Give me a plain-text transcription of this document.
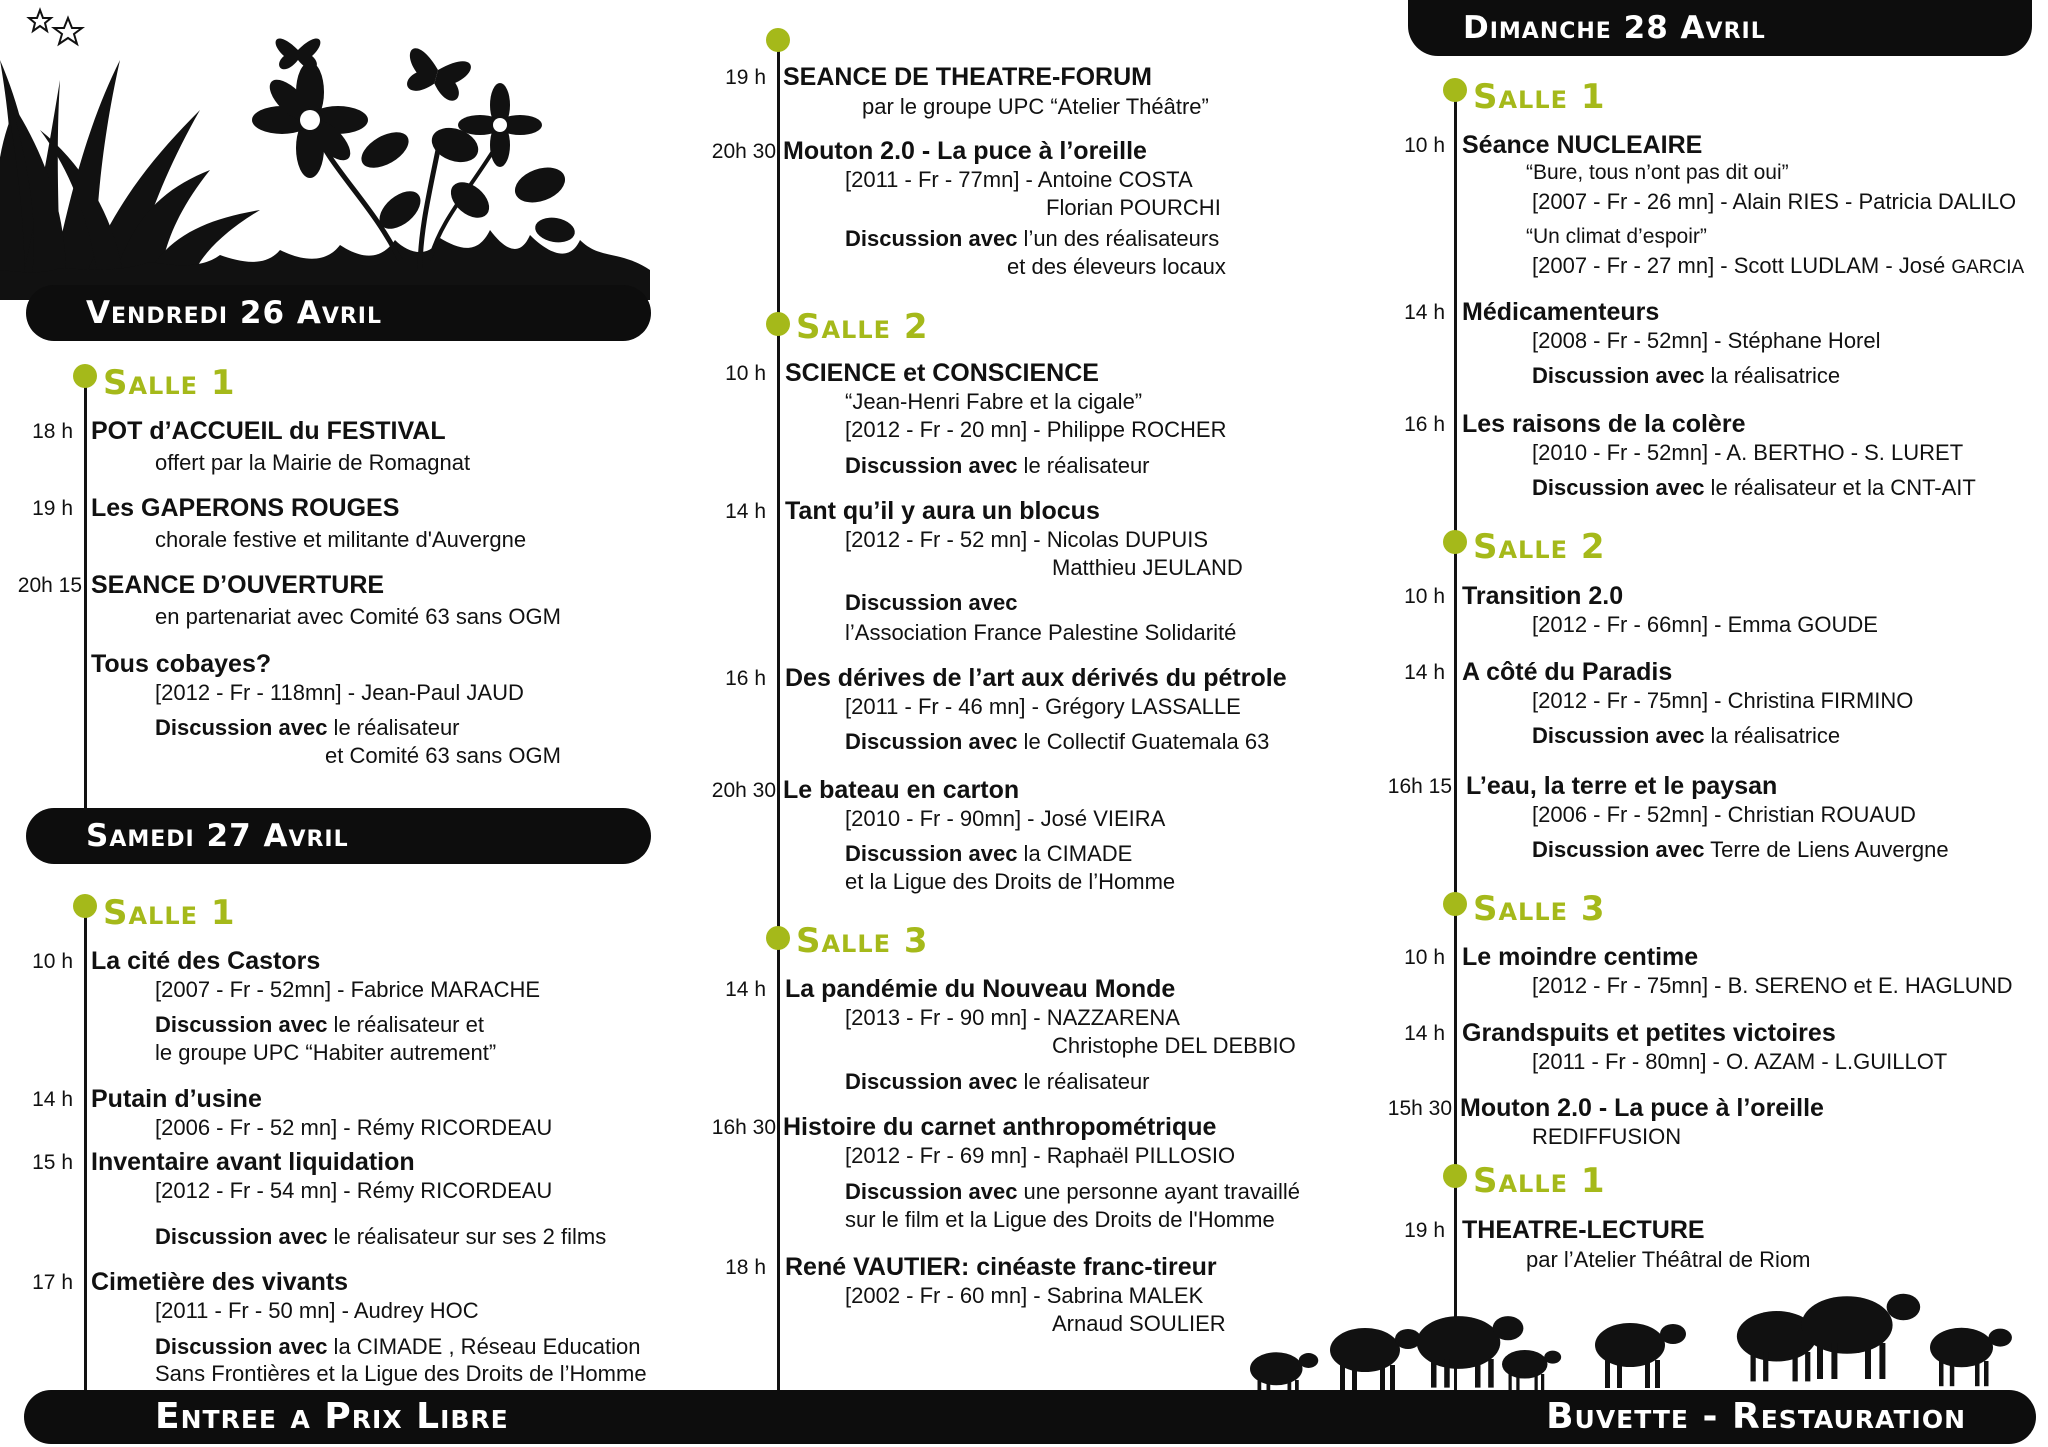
Vendredi 26 Avril
Samedi 27 Avril
Dimanche 28 Avril
Salle 1
18 h POT d’ACCUEIL du FESTIVAL
offert par la Mairie de Romagnat
19 h Les GAPERONS ROUGES
chorale festive et militante d'Auvergne
20h 15 SEANCE D’OUVERTURE
en partenariat avec Comité 63 sans OGM
Tous cobayes?
[2012 - Fr - 118mn] - Jean-Paul JAUD
Discussion avec le réalisateur
et Comité 63 sans OGM
Salle 1
10 h La cité des Castors
[2007 - Fr - 52mn] - Fabrice MARACHE
Discussion avec le réalisateur et
le groupe UPC “Habiter autrement”
14 h Putain d’usine
[2006 - Fr - 52 mn] - Rémy RICORDEAU
15 h Inventaire avant liquidation
[2012 - Fr - 54 mn] - Rémy RICORDEAU
Discussion avec le réalisateur sur ses 2 films
17 h Cimetière des vivants
[2011 - Fr - 50 mn] - Audrey HOC
Discussion avec la CIMADE , Réseau Education
Sans Frontières et la Ligue des Droits de l’Homme
19 h SEANCE DE THEATRE-FORUM
par le groupe UPC “Atelier Théâtre”
20h 30 Mouton 2.0 - La puce à l’oreille
[2011 - Fr - 77mn] - Antoine COSTA
Florian POURCHI
Discussion avec l’un des réalisateurs
et des éleveurs locaux
Salle 2
10 h SCIENCE et CONSCIENCE
“Jean-Henri Fabre et la cigale”
[2012 - Fr - 20 mn] - Philippe ROCHER
Discussion avec le réalisateur
14 h Tant qu’il y aura un blocus
[2012 - Fr - 52 mn] - Nicolas DUPUIS
Matthieu JEULAND
Discussion avec
l’Association France Palestine Solidarité
16 h Des dérives de l’art aux dérivés du pétrole
[2011 - Fr - 46 mn] - Grégory LASSALLE
Discussion avec le Collectif Guatemala 63
20h 30 Le bateau en carton
[2010 - Fr - 90mn] - José VIEIRA
Discussion avec la CIMADE
et la Ligue des Droits de l’Homme
Salle 3
14 h La pandémie du Nouveau Monde
[2013 - Fr - 90 mn] - NAZZARENA
Christophe DEL DEBBIO
Discussion avec le réalisateur
16h 30 Histoire du carnet anthropométrique
[2012 - Fr - 69 mn] - Raphaël PILLOSIO
Discussion avec une personne ayant travaillé
sur le film et la Ligue des Droits de l'Homme
18 h René VAUTIER: cinéaste franc-tireur
[2002 - Fr - 60 mn] - Sabrina MALEK
Arnaud SOULIER
Salle 1
10 h Séance NUCLEAIRE
“Bure, tous n’ont pas dit oui”
[2007 - Fr - 26 mn] - Alain RIES - Patricia DALILO
“Un climat d’espoir”
[2007 - Fr - 27 mn] - Scott LUDLAM - José GARCIA
14 h Médicamenteurs
[2008 - Fr - 52mn] - Stéphane Horel
Discussion avec la réalisatrice
16 h Les raisons de la colère
[2010 - Fr - 52mn] - A. BERTHO - S. LURET
Discussion avec le réalisateur et la CNT-AIT
Salle 2
10 h Transition 2.0
[2012 - Fr - 66mn] - Emma GOUDE
14 h A côté du Paradis
[2012 - Fr - 75mn] - Christina FIRMINO
Discussion avec la réalisatrice
16h 15 L’eau, la terre et le paysan
[2006 - Fr - 52mn] - Christian ROUAUD
Discussion avec Terre de Liens Auvergne
Salle 3
10 h Le moindre centime
[2012 - Fr - 75mn] - B. SERENO et E. HAGLUND
14 h Grandspuits et petites victoires
[2011 - Fr - 80mn] - O. AZAM - L.GUILLOT
15h 30 Mouton 2.0 - La puce à l’oreille
REDIFFUSION
Salle 1
19 h THEATRE-LECTURE
par l’Atelier Théâtral de Riom
Entree a Prix Libre	Buvette - Restauration
